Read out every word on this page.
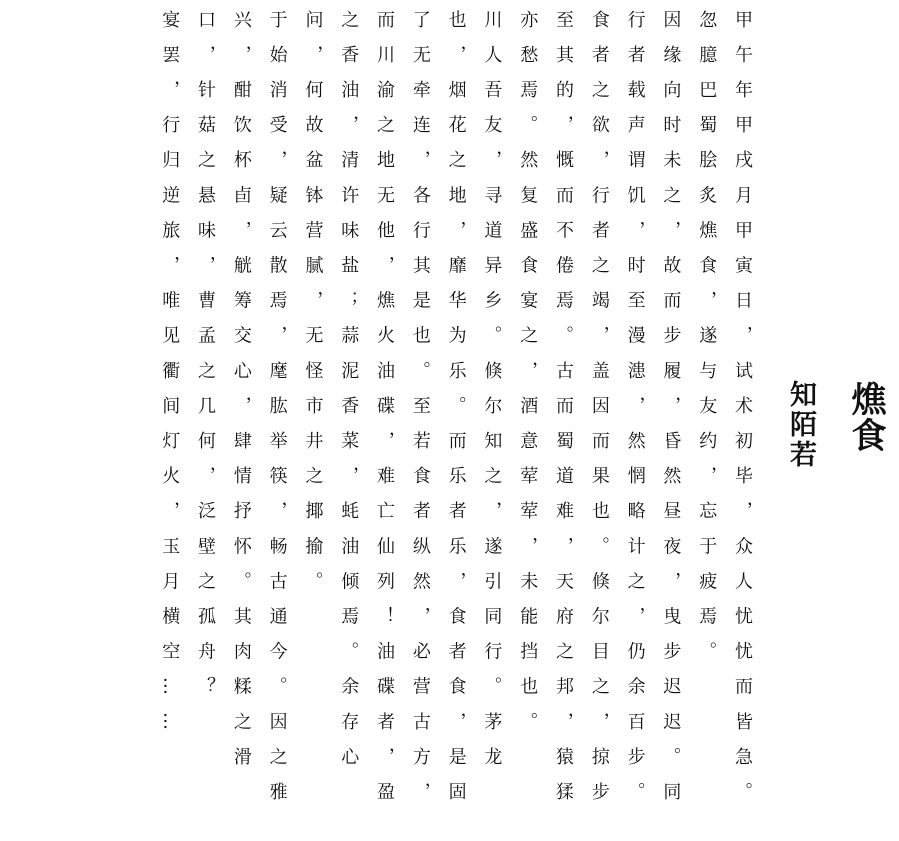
燋食
知陌若
甲午年甲戌月甲寅日，试术初毕，众人忧忧而皆急。忽臆巴蜀脍炙燋食，遂与友约，忘于疲焉。
因缘向时未之，故而步履，昏然昼夜，曳步迟迟。同行者载声谓饥，时至漫漶，然惘略计之，仍余百步。
食者之欲，行者之竭，盖因而果也。倏尔目之，掠步至其的，慨而不倦焉。古而蜀道难，天府之邦，猿猱亦愁焉。然复盛食宴之，酒意荤荤，未能挡也。
川人吾友，寻道异乡。倏尔知之，遂引同行。茅龙也，烟花之地，靡华为乐。而乐者乐，食者食，是固了无牵连，各行其是也。至若食者纵然，必营古方，而川渝之地无他，燋火油碟，难亡仙列！油碟者，盈之香油，清许味盐；蒜泥香菜，蚝油倾焉。余存心问，何故盆钵营腻，无怪市井之揶揄。
于始消受，疑云散焉，麾肱举筷，畅古通今。因之雅兴，酣饮杯卣，觥筹交心，肆情抒怀。其肉糅之滑口，针菇之悬味，曹孟之几何，泛壁之孤舟？
宴罢，行归逆旅，唯见衢间灯火，玉月横空……
